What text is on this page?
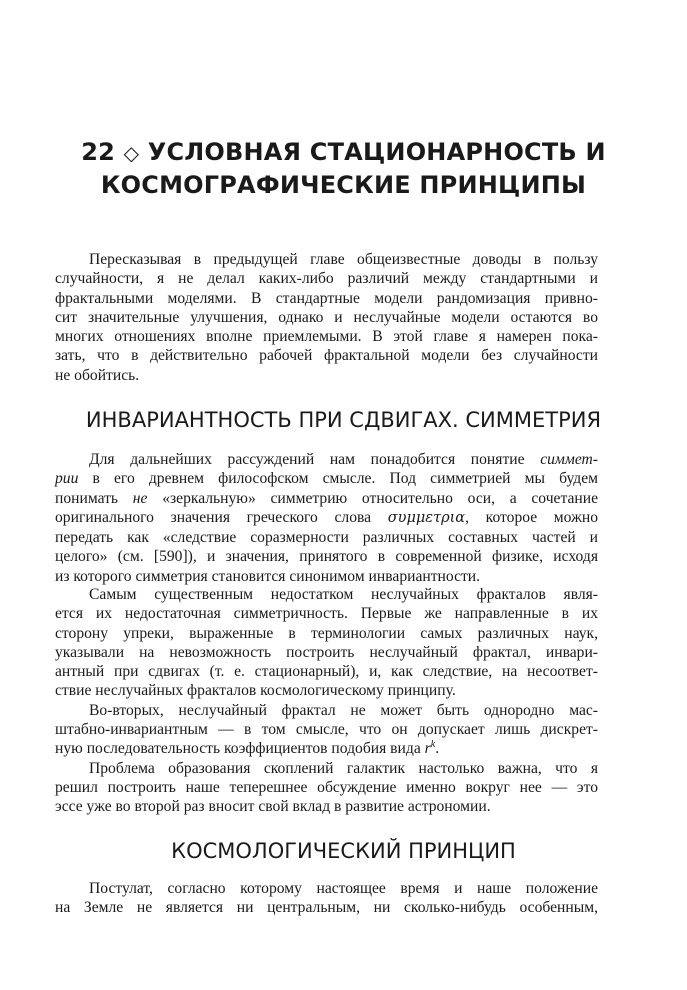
22 ◇ УСЛОВНАЯ СТАЦИОНАРНОСТЬ И
КОСМОГРАФИЧЕСКИЕ ПРИНЦИПЫ
Пересказывая в предыдущей главе общеизвестные доводы в пользу
случайности, я не делал каких-либо различий между стандартными и
фрактальными моделями. В стандартные модели рандомизация привно-
сит значительные улучшения, однако и неслучайные модели остаются во
многих отношениях вполне приемлемыми. В этой главе я намерен пока-
зать, что в действительно рабочей фрактальной модели без случайности
не обойтись.
ИНВАРИАНТНОСТЬ ПРИ СДВИГАХ. СИММЕТРИЯ
Для дальнейших рассуждений нам понадобится понятие симмет-
рии в его древнем философском смысле. Под симметрией мы будем
понимать не «зеркальную» симметрию относительно оси, а сочетание
оригинального значения греческого слова συμμετρια, которое можно
передать как «следствие соразмерности различных составных частей и
целого» (см. [590]), и значения, принятого в современной физике, исходя
из которого симметрия становится синонимом инвариантности.
Самым существенным недостатком неслучайных фракталов явля-
ется их недостаточная симметричность. Первые же направленные в их
сторону упреки, выраженные в терминологии самых различных наук,
указывали на невозможность построить неслучайный фрактал, инвари-
антный при сдвигах (т. е. стационарный), и, как следствие, на несоответ-
ствие неслучайных фракталов космологическому принципу.
Во-вторых, неслучайный фрактал не может быть однородно мас-
штабно-инвариантным — в том смысле, что он допускает лишь дискрет-
ную последовательность коэффициентов подобия вида $r^k$.
Проблема образования скоплений галактик настолько важна, что я
решил построить наше теперешнее обсуждение именно вокруг нее — это
эссе уже во второй раз вносит свой вклад в развитие астрономии.
КОСМОЛОГИЧЕСКИЙ ПРИНЦИП
Постулат, согласно которому настоящее время и наше положение
на Земле не является ни центральным, ни сколько-нибудь особенным,
